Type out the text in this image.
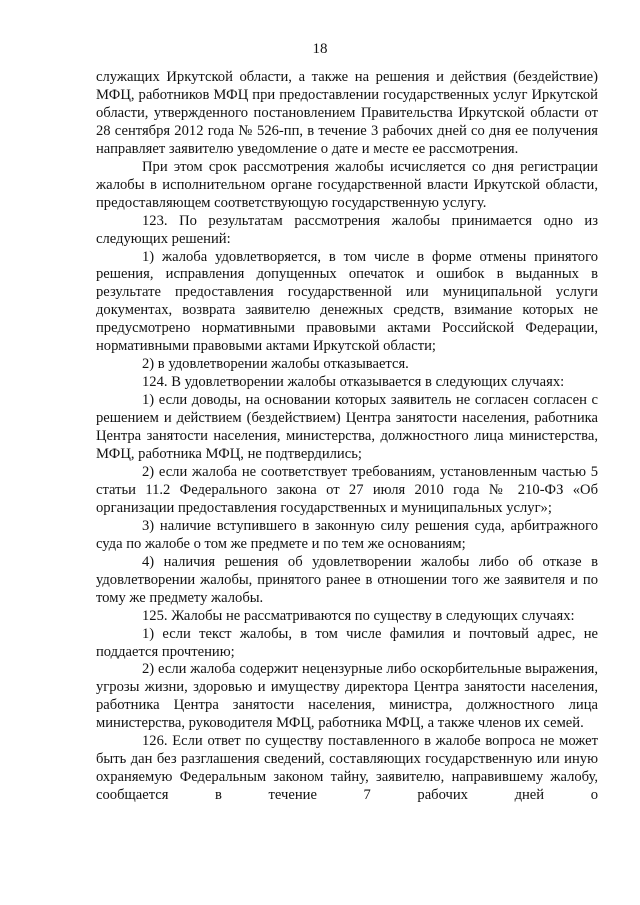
18

служащих Иркутской области, а также на решения и действия (бездействие) МФЦ, работников МФЦ при предоставлении государственных услуг Иркутской области, утвержденного постановлением Правительства Иркутской области от 28 сентября 2012 года № 526-пп, в течение 3 рабочих дней со дня ее получения направляет заявителю уведомление о дате и месте ее рассмотрения.

При этом срок рассмотрения жалобы исчисляется со дня регистрации жалобы в исполнительном органе государственной власти Иркутской области, предоставляющем соответствующую государственную услугу.

123. По результатам рассмотрения жалобы принимается одно из следующих решений:

1) жалоба удовлетворяется, в том числе в форме отмены принятого решения, исправления допущенных опечаток и ошибок в выданных в результате предоставления государственной или муниципальной услуги документах, возврата заявителю денежных средств, взимание которых не предусмотрено нормативными правовыми актами Российской Федерации, нормативными правовыми актами Иркутской области;

2) в удовлетворении жалобы отказывается.

124. В удовлетворении жалобы отказывается в следующих случаях:

1) если доводы, на основании которых заявитель не согласен согласен с решением и действием (бездействием) Центра занятости населения, работника Центра занятости населения, министерства, должностного лица министерства, МФЦ, работника МФЦ, не подтвердились;

2) если жалоба не соответствует требованиям, установленным частью 5 статьи 11.2 Федерального закона от 27 июля 2010 года № 210-ФЗ «Об организации предоставления государственных и муниципальных услуг»;

3) наличие вступившего в законную силу решения суда, арбитражного суда по жалобе о том же предмете и по тем же основаниям;

4) наличия решения об удовлетворении жалобы либо об отказе в удовлетворении жалобы, принятого ранее в отношении того же заявителя и по тому же предмету жалобы.

125. Жалобы не рассматриваются по существу в следующих случаях:

1) если текст жалобы, в том числе фамилия и почтовый адрес, не поддается прочтению;

2) если жалоба содержит нецензурные либо оскорбительные выражения, угрозы жизни, здоровью и имуществу директора Центра занятости населения, работника Центра занятости населения, министра, должностного лица министерства, руководителя МФЦ, работника МФЦ, а также членов их семей.

126. Если ответ по существу поставленного в жалобе вопроса не может быть дан без разглашения сведений, составляющих государственную или иную охраняемую Федеральным законом тайну, заявителю, направившему жалобу, сообщается в течение 7 рабочих дней о
